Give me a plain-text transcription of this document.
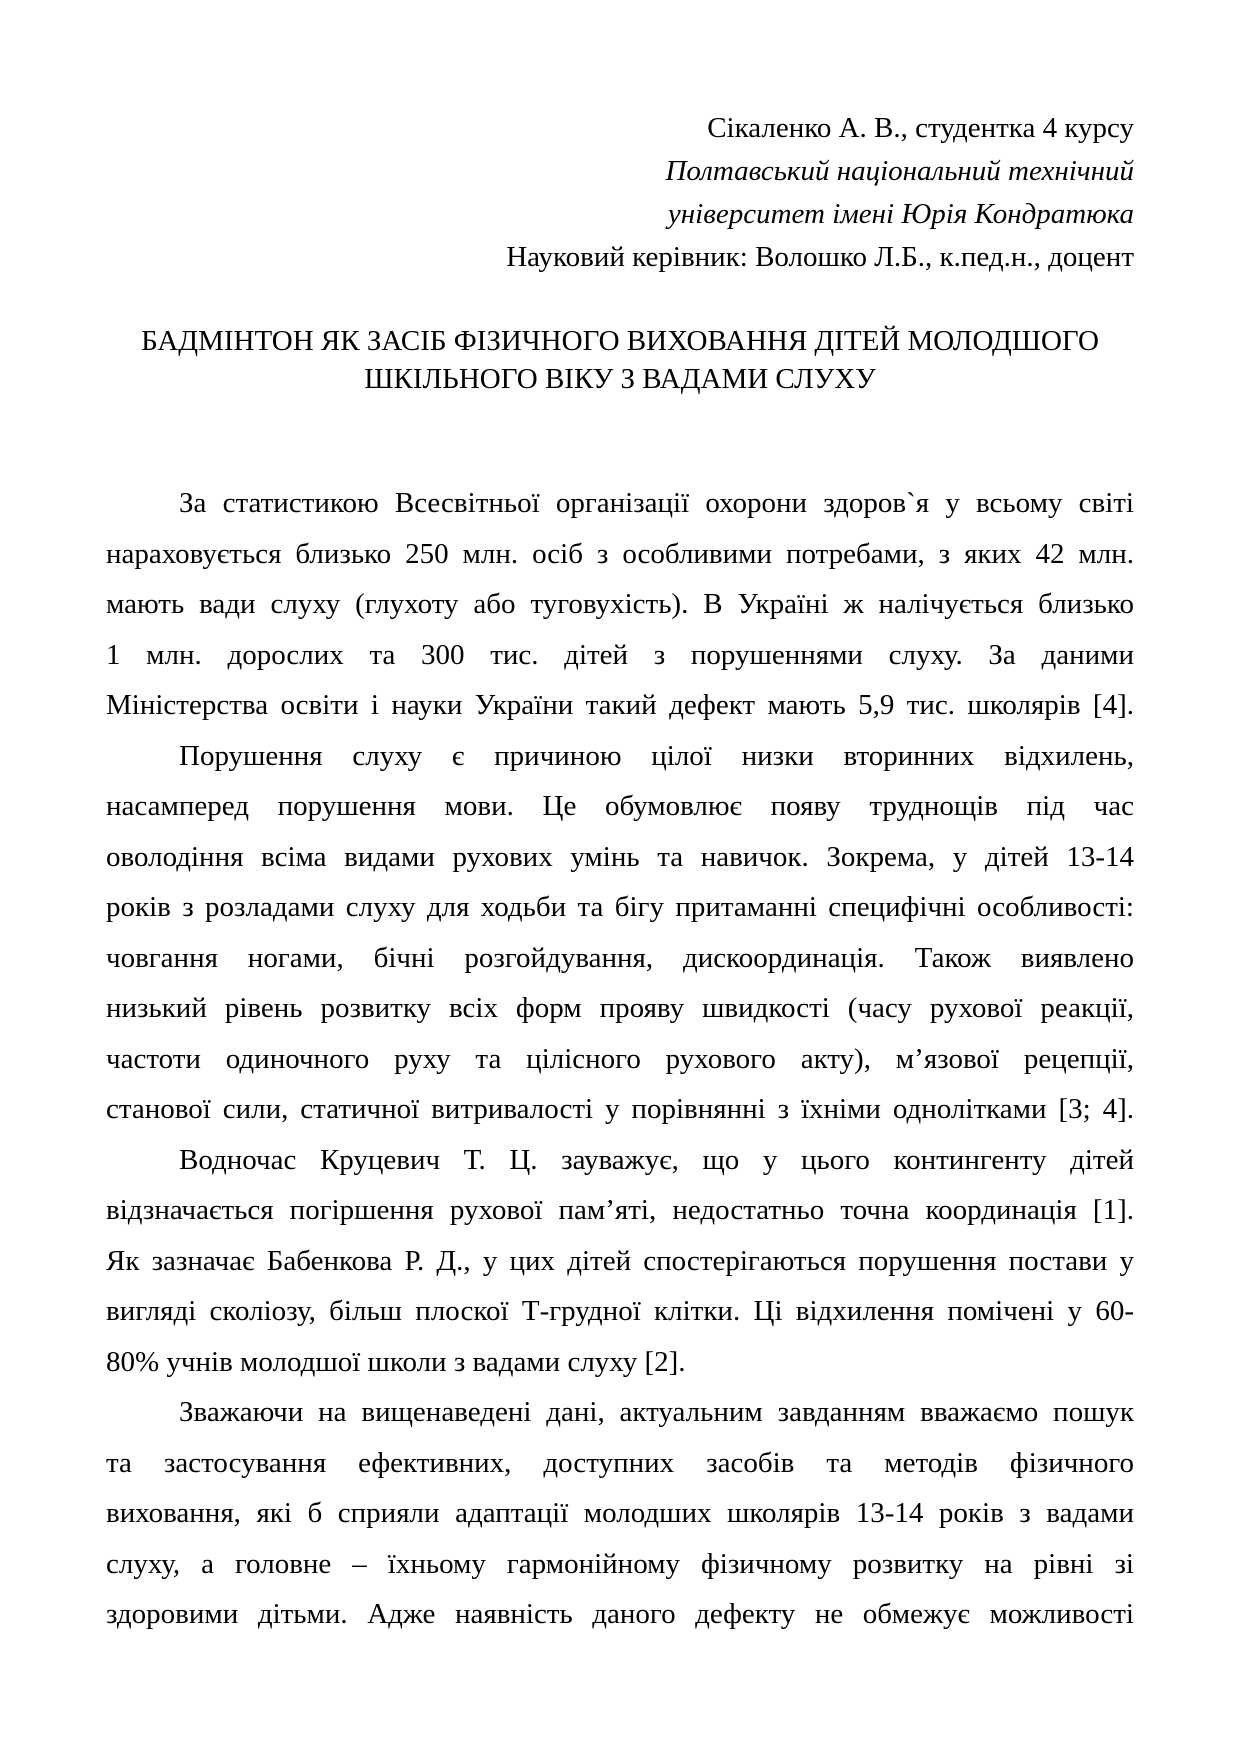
Сікаленко А. В., студентка 4 курсу
Полтавський національний технічний
університет імені Юрія Кондратюка
Науковий керівник: Волошко Л.Б., к.пед.н., доцент
БАДМІНТОН ЯК ЗАСІБ ФІЗИЧНОГО ВИХОВАННЯ ДІТЕЙ МОЛОДШОГО
ШКІЛЬНОГО ВІКУ З ВАДАМИ СЛУХУ
За статистикою Всесвітньої організації охорони здоров`я у всьому світі
нараховується близько 250 млн. осіб з особливими потребами, з яких 42 млн.
мають вади слуху (глухоту або туговухість). В Україні ж налічується близько
1 млн. дорослих та 300 тис. дітей з порушеннями слуху. За даними
Міністерства освіти і науки України такий дефект мають 5,9 тис. школярів [4].
Порушення слуху є причиною цілої низки вторинних відхилень,
насамперед порушення мови. Це обумовлює появу труднощів під час
оволодіння всіма видами рухових умінь та навичок. Зокрема, у дітей 13-14
років з розладами слуху для ходьби та бігу притаманні специфічні особливості:
човгання ногами, бічні розгойдування, дискоординація. Також виявлено
низький рівень розвитку всіх форм прояву швидкості (часу рухової реакції,
частоти одиночного руху та цілісного рухового акту), м’язової рецепції,
станової сили, статичної витривалості у порівнянні з їхніми однолітками [3; 4].
Водночас Круцевич Т. Ц. зауважує, що у цього контингенту дітей
відзначається погіршення рухової пам’яті, недостатньо точна координація [1].
Як зазначає Бабенкова Р. Д., у цих дітей спостерігаються порушення постави у
вигляді сколіозу, більш плоскої Т-грудної клітки. Ці відхилення помічені у 60-
80% учнів молодшої школи з вадами слуху [2].
Зважаючи на вищенаведені дані, актуальним завданням вважаємо пошук
та застосування ефективних, доступних засобів та методів фізичного
виховання, які б сприяли адаптації молодших школярів 13-14 років з вадами
слуху, а головне – їхньому гармонійному фізичному розвитку на рівні зі
здоровими дітьми. Адже наявність даного дефекту не обмежує можливості
